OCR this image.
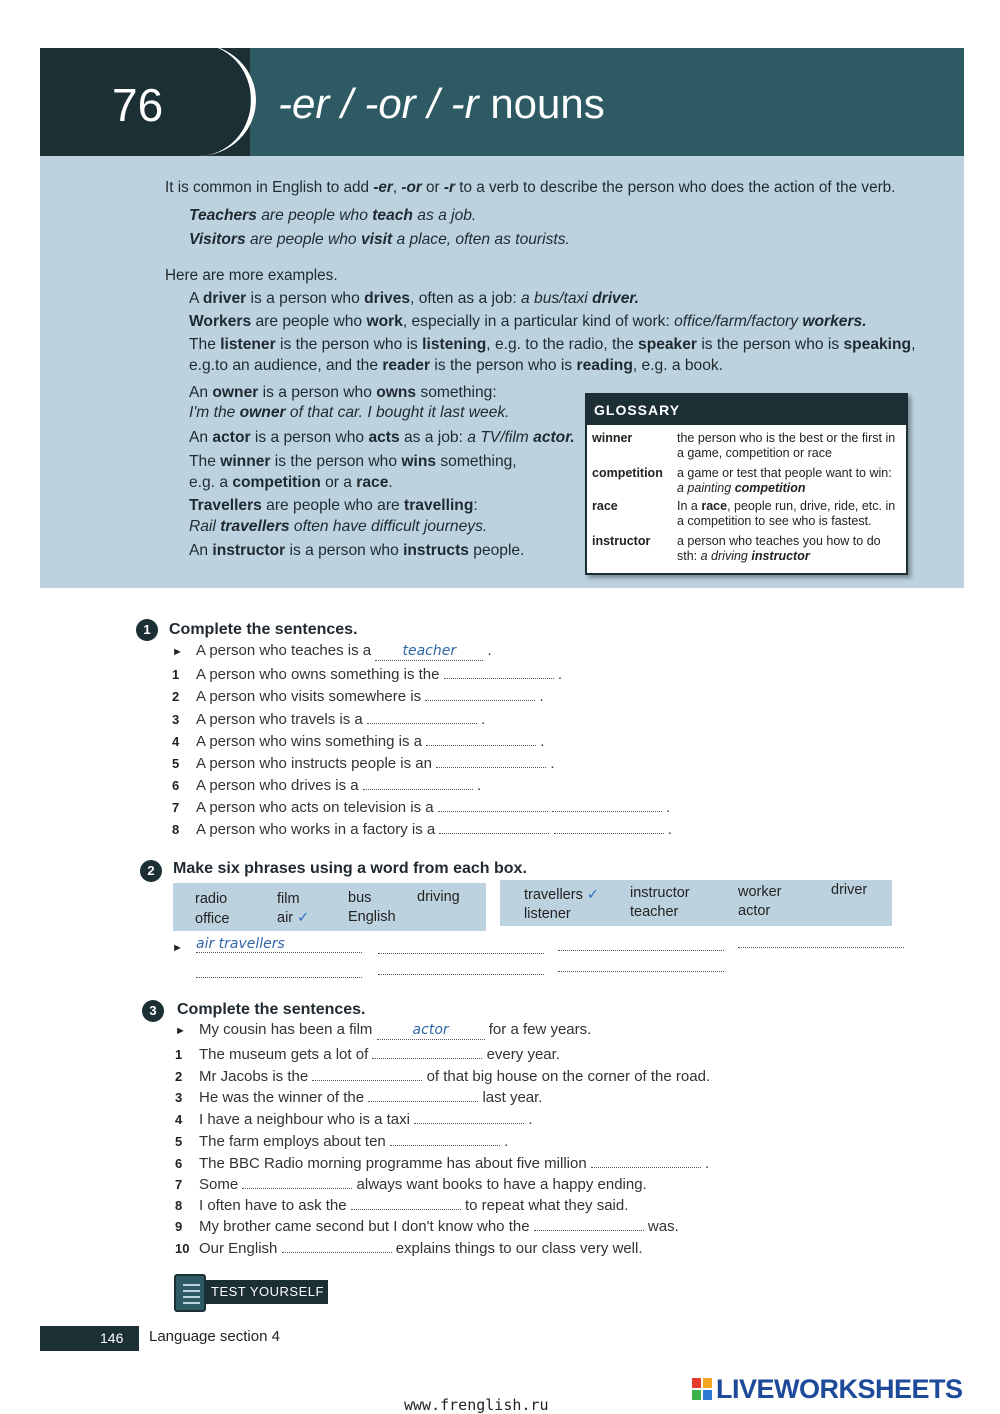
76	-er / -or / -r nouns
It is common in English to add -er, -or or -r to a verb to describe the person who does the action of the verb.
Teachers are people who teach as a job.
Visitors are people who visit a place, often as tourists.
Here are more examples.
A driver is a person who drives, often as a job: a bus/taxi driver.
Workers are people who work, especially in a particular kind of work: office/farm/factory workers.
The listener is the person who is listening, e.g. to the radio, the speaker is the person who is speaking,
e.g.to an audience, and the reader is the person who is reading, e.g. a book.
An owner is a person who owns something:
I'm the owner of that car. I bought it last week.
An actor is a person who acts as a job: a TV/film actor.
The winner is the person who wins something,
e.g. a competition or a race.
Travellers are people who are travelling:
Rail travellers often have difficult journeys.
An instructor is a person who instructs people.
GLOSSARY
winner	the person who is the best or the first in a game, competition or race
competition a game or test that people want to win: a painting competition
race	In a race, people run, drive, ride, etc. in a competition to see who is fastest.
instructor a person who teaches you how to do sth: a driving instructor
1	Complete the sentences.
► A person who teaches is a teacher .
1 A person who owns something is the	.
2 A person who visits somewhere is	.
3 A person who travels is a	.
4 A person who wins something is a	.
5 A person who instructs people is an	.
6 A person who drives is a	.
7 A person who acts on television is a	.
8 A person who works in a factory is a	.
2	Make six phrases using a word from each box.
radio	film	bus	driving
office	air ✓	English
travellers ✓ instructor	worker	driver
listener	teacher	actor
► air travellers
3	Complete the sentences.
► My cousin has been a film	actor	for a few years.
1 The museum gets a lot of	every year.
2 Mr Jacobs is the	of that big house on the corner of the road.
3 He was the winner of the	last year.
4 I have a neighbour who is a taxi	.
5 The farm employs about ten	.
6 The BBC Radio morning programme has about five million	.
7 Some	always want books to have a happy ending.
8 I often have to ask the	to repeat what they said.
9 My brother came second but I don't know who the	was.
10 Our English	explains things to our class very well.
TEST YOURSELF
146 Language section 4
www.frenglish.ru
LIVEWORKSHEETS
